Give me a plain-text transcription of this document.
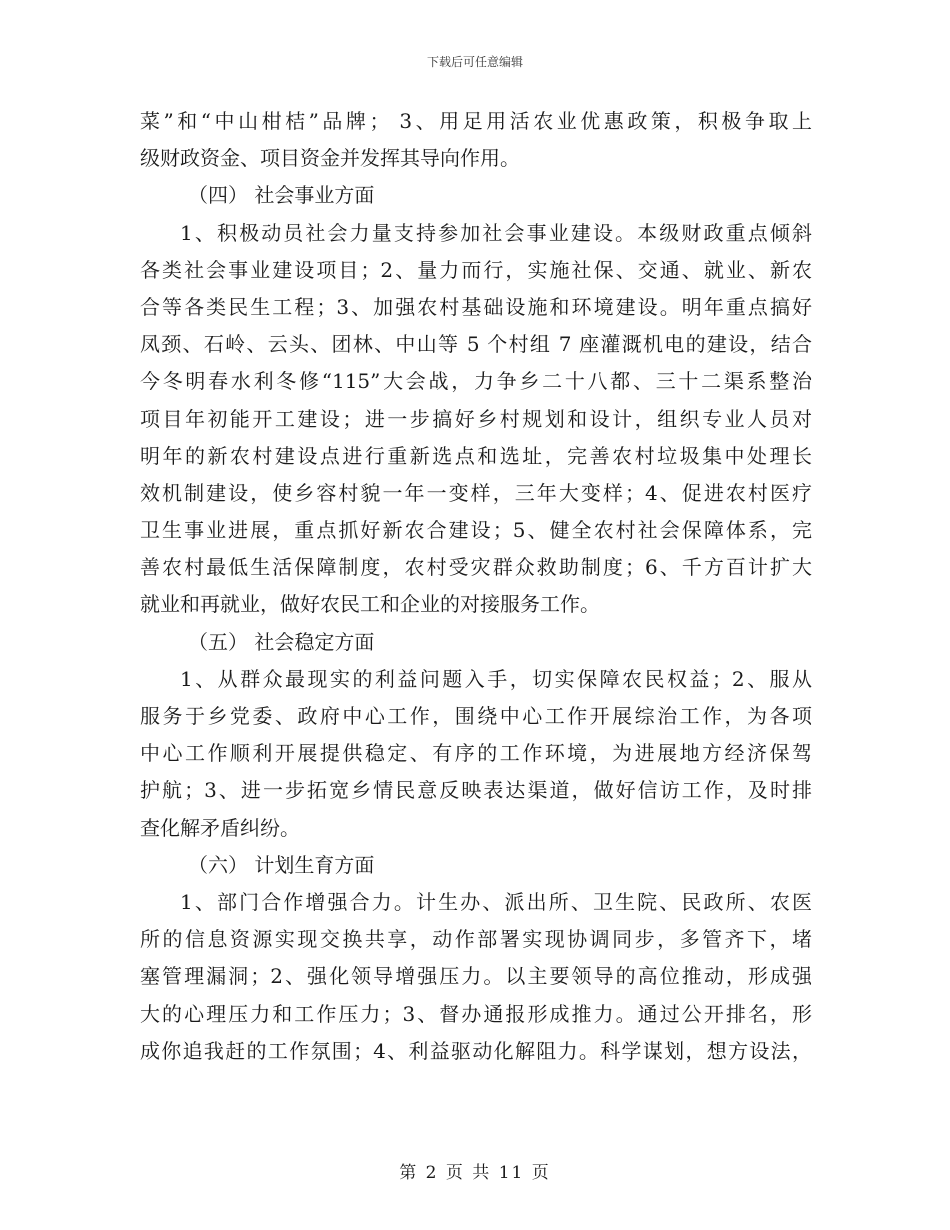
下载后可任意编辑
菜”和“中山柑桔”品牌； 3、用足用活农业优惠政策，积极争取上
级财政资金、项目资金并发挥其导向作用。
（四） 社会事业方面
1、积极动员社会力量支持参加社会事业建设。本级财政重点倾斜
各类社会事业建设项目；2、量力而行，实施社保、交通、就业、新农
合等各类民生工程；3、加强农村基础设施和环境建设。明年重点搞好
凤颈、石岭、云头、团林、中山等 5 个村组 7 座灌溉机电的建设，结合
今冬明春水利冬修“115”大会战，力争乡二十八都、三十二渠系整治
项目年初能开工建设；进一步搞好乡村规划和设计，组织专业人员对
明年的新农村建设点进行重新选点和选址，完善农村垃圾集中处理长
效机制建设，使乡容村貌一年一变样，三年大变样；4、促进农村医疗
卫生事业进展，重点抓好新农合建设；5、健全农村社会保障体系，完
善农村最低生活保障制度，农村受灾群众救助制度；6、千方百计扩大
就业和再就业，做好农民工和企业的对接服务工作。
（五） 社会稳定方面
1、从群众最现实的利益问题入手，切实保障农民权益；2、服从
服务于乡党委、政府中心工作，围绕中心工作开展综治工作，为各项
中心工作顺利开展提供稳定、有序的工作环境，为进展地方经济保驾
护航；3、进一步拓宽乡情民意反映表达渠道，做好信访工作，及时排
查化解矛盾纠纷。
（六） 计划生育方面
1、部门合作增强合力。计生办、派出所、卫生院、民政所、农医
所的信息资源实现交换共享，动作部署实现协调同步，多管齐下，堵
塞管理漏洞；2、强化领导增强压力。以主要领导的高位推动，形成强
大的心理压力和工作压力；3、督办通报形成推力。通过公开排名，形
成你追我赶的工作氛围；4、利益驱动化解阻力。科学谋划，想方设法，
第 2 页 共 11 页
